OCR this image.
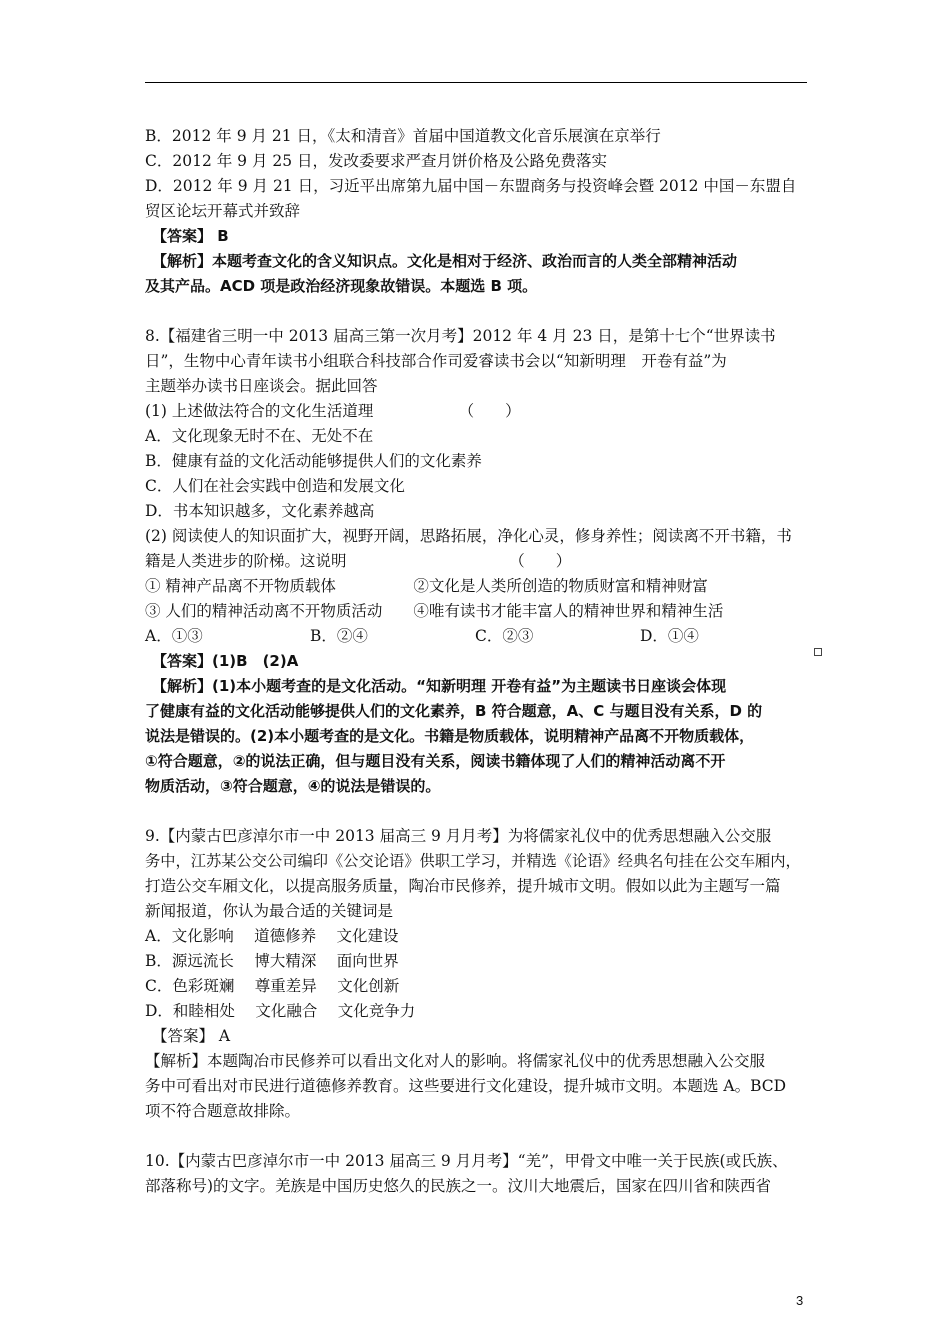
B．2012 年 9 月 21 日，《太和清音》首届中国道教文化音乐展演在京举行
C．2012 年 9 月 25 日，发改委要求严查月饼价格及公路免费落实
D．2012 年 9 月 21 日，习近平出席第九届中国－东盟商务与投资峰会暨 2012 中国－东盟自
贸区论坛开幕式并致辞
【答案】 B
【解析】本题考查文化的含义知识点。文化是相对于经济、政治而言的人类全部精神活动
及其产品。ACD 项是政治经济现象故错误。本题选 B 项。
8.【福建省三明一中 2013 届高三第一次月考】2012 年 4 月 23 日，是第十七个“世界读书
日”，生物中心青年读书小组联合科技部合作司爱睿读书会以“知新明理　开卷有益”为
主题举办读书日座谈会。据此回答
(1) 上述做法符合的文化生活道理　　　　　　（　　）
A．文化现象无时不在、无处不在
B．健康有益的文化活动能够提供人们的文化素养
C．人们在社会实践中创造和发展文化
D．书本知识越多，文化素养越高
(2) 阅读使人的知识面扩大，视野开阔，思路拓展，净化心灵，修身养性；阅读离不开书籍，书
籍是人类进步的阶梯。这说明　　　　　　　　　　　（　　）
① 精神产品离不开物质载体　　　　　②文化是人类所创造的物质财富和精神财富
③ 人们的精神活动离不开物质活动　　④唯有读书才能丰富人的精神世界和精神生活
A．①③	B．②④	C．②③	D．①④
【答案】(1)B　(2)A
【解析】(1)本小题考查的是文化活动。“知新明理 开卷有益”为主题读书日座谈会体现
了健康有益的文化活动能够提供人们的文化素养，B 符合题意，A、C 与题目没有关系，D 的
说法是错误的。(2)本小题考查的是文化。书籍是物质载体，说明精神产品离不开物质载体，
①符合题意，②的说法正确，但与题目没有关系，阅读书籍体现了人们的精神活动离不开
物质活动，③符合题意，④的说法是错误的。
9.【内蒙古巴彦淖尔市一中 2013 届高三 9 月月考】为将儒家礼仪中的优秀思想融入公交服
务中，江苏某公交公司编印《公交论语》供职工学习，并精选《论语》经典名句挂在公交车厢内，
打造公交车厢文化，以提高服务质量，陶冶市民修养，提升城市文明。假如以此为主题写一篇
新闻报道，你认为最合适的关键词是
A．文化影响　 道德修养　 文化建设
B．源远流长　 博大精深　 面向世界
C．色彩斑斓　 尊重差异　 文化创新
D．和睦相处　 文化融合　 文化竞争力
【答案】 A
【解析】本题陶冶市民修养可以看出文化对人的影响。将儒家礼仪中的优秀思想融入公交服
务中可看出对市民进行道德修养教育。这些要进行文化建设，提升城市文明。本题选 A。BCD
项不符合题意故排除。
10.【内蒙古巴彦淖尔市一中 2013 届高三 9 月月考】“羌”，甲骨文中唯一关于民族(或氏族、
部落称号)的文字。羌族是中国历史悠久的民族之一。汶川大地震后，国家在四川省和陕西省
3
